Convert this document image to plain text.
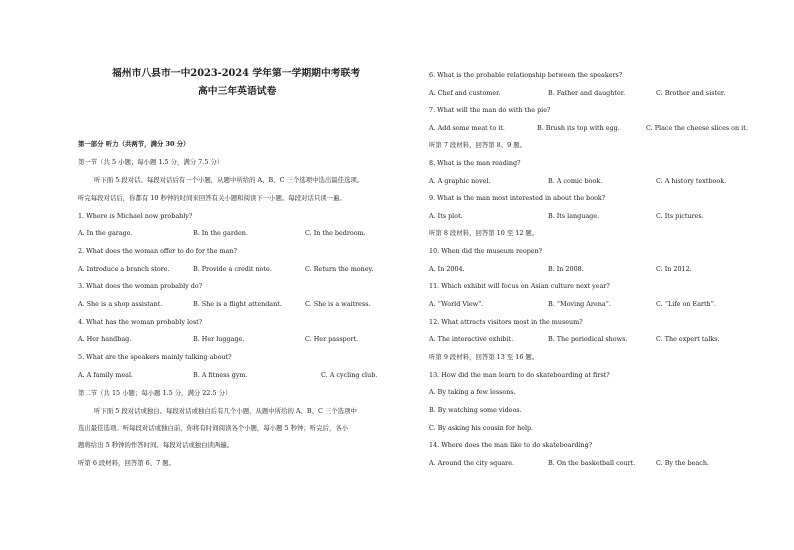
福州市八县市一中2023-2024 学年第一学期期中考联考
高中三年英语试卷
第一部分 听力（共两节，满分 30 分）
第一节（共 5 小题；每小题 1.5 分，满分 7.5 分）
听下面 5 段对话。每段对话后有一个小题，从题中所给的 A、B、C 三个选项中选出最佳选项。
听完每段对话后，你都有 10 秒钟的时间来回答有关小题和阅读下一小题。每段对话只读一遍。
1. Where is Michael now probably?
A. In the garage.	B. In the garden.	C. In the bedroom.
2. What does the woman offer to do for the man?
A. Introduce a branch store.	B. Provide a credit note.	C. Return the money.
3. What does the woman probably do?
A. She is a shop assistant.	B. She is a flight attendant.	C. She is a waitress.
4. What has the woman probably lost?
A. Her handbag.	B. Her luggage.	C. Her passport.
5. What are the speakers mainly talking about?
A. A family meal.	B. A fitness gym.	C. A cycling club.
第二节（共 15 小题；每小题 1.5 分，满分 22.5 分）
听下面 5 段对话或独白。每段对话或独白后有几个小题，从题中所给的 A、B、C 三个选项中
选出最佳选项。听每段对话或独白前，你将有时间阅读各个小题，每小题 5 秒钟；听完后，各小
题将给出 5 秒钟的作答时间。每段对话或独白读两遍。
听第 6 段材料，回答第 6、7 题。
6. What is the probable relationship between the speakers?
A. Chef and customer.	B. Father and daughter.	C. Brother and sister.
7. What will the man do with the pie?
A. Add some meat to it.	B. Brush its top with egg.	C. Place the cheese slices on it.
听第 7 段材料，回答第 8、9 题。
8. What is the man reading?
A. A graphic novel.	B. A comic book.	C. A history textbook.
9. What is the man most interested in about the book?
A. Its plot.	B. Its language.	C. Its pictures.
听第 8 段材料，回答第 10 至 12 题。
10. When did the museum reopen?
A. In 2004.	B. In 2008.	C. In 2012.
11. Which exhibit will focus on Asian culture next year?
A. “World View”.	B. “Moving Arena”.	C. “Life on Earth”.
12. What attracts visitors most in the museum?
A. The interactive exhibit.	B. The periodical shows.	C. The expert talks.
听第 9 段材料，回答第 13 至 16 题。
13. How did the man learn to do skateboarding at first?
A. By taking a few lessons.
B. By watching some videos.
C. By asking his cousin for help.
14. Where does the man like to do skateboarding?
A. Around the city square.	B. On the basketball court.	C. By the beach.
